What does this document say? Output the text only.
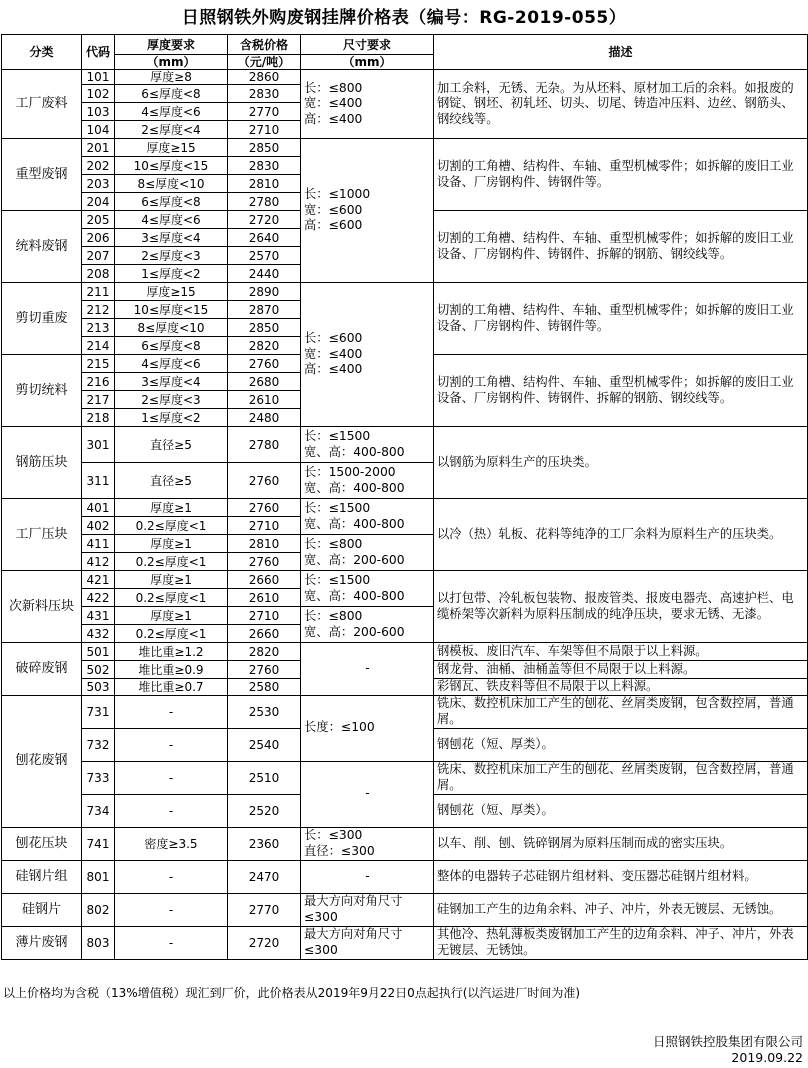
日照钢铁外购废钢挂牌价格表（编号：RG-2019-055）
分类	代码	厚度要求	含税价格	尺寸要求	描述
		（mm）	（元/吨）	（mm）	
工厂废料	101	厚度≥8	2860	长：≤800
宽：≤400
高：≤400	加工余料，无锈、无杂。为从坯料、原材加工后的余料。如报废的钢锭、钢坯、初轧坯、切头、切尾、铸造冲压料、边丝、钢筋头、钢绞线等。
	102	6≤厚度<8	2830		
	103	4≤厚度<6	2770		
	104	2≤厚度<4	2710		
重型废钢	201	厚度≥15	2850	长：≤1000
宽：≤600
高：≤600	切割的工角槽、结构件、车轴、重型机械零件；如拆解的废旧工业设备、厂房钢构件、铸钢件等。
	202	10≤厚度<15	2830		
	203	8≤厚度<10	2810		
	204	6≤厚度<8	2780		
统料废钢	205	4≤厚度<6	2720		切割的工角槽、结构件、车轴、重型机械零件；如拆解的废旧工业设备、厂房钢构件、铸钢件、拆解的钢筋、钢绞线等。
	206	3≤厚度<4	2640		
	207	2≤厚度<3	2570		
	208	1≤厚度<2	2440		
剪切重废	211	厚度≥15	2890	长：≤600
宽：≤400
高：≤400	切割的工角槽、结构件、车轴、重型机械零件；如拆解的废旧工业设备、厂房钢构件、铸钢件等。
	212	10≤厚度<15	2870		
	213	8≤厚度<10	2850		
	214	6≤厚度<8	2820		
剪切统料	215	4≤厚度<6	2760		切割的工角槽、结构件、车轴、重型机械零件；如拆解的废旧工业设备、厂房钢构件、铸钢件、拆解的钢筋、钢绞线等。
	216	3≤厚度<4	2680		
	217	2≤厚度<3	2610		
	218	1≤厚度<2	2480		
钢筋压块	301	直径≥5	2780	长：≤1500
宽、高：400-800	以钢筋为原料生产的压块类。
	311	直径≥5	2760	长：1500-2000
宽、高：400-800	

工厂压块	401	厚度≥1	2760	长：≤1500
宽、高：400-800	以冷（热）轧板、花料等纯净的工厂余料为原料生产的压块类。
	402	0.2≤厚度<1	2710		
	411	厚度≥1	2810	长：≤800
宽、高：200-600	

	412	0.2≤厚度<1	2760		
次新料压块	421	厚度≥1	2660	长：≤1500
宽、高：400-800	以打包带、冷轧板包装物、报废管类、报废电器壳、高速护栏、电缆桥架等次新料为原料压制成的纯净压块，要求无锈、无漆。
	422	0.2≤厚度<1	2610		
	431	厚度≥1	2710	长：≤800
宽、高：200-600	

	432	0.2≤厚度<1	2660		
破碎废钢	501	堆比重≥1.2	2820	-	钢模板、废旧汽车、车架等但不局限于以上料源。
	502	堆比重≥0.9	2760		钢龙骨、油桶、油桶盖等但不局限于以上料源。
	503	堆比重≥0.7	2580		彩钢瓦、铁皮料等但不局限于以上料源。
刨花废钢	731	-	2530	长度：≤100	铣床、数控机床加工产生的刨花、丝屑类废钢，包含数控屑，普通屑。
	732	-	2540		钢刨花（短、厚类）。
	733	-	2510	-	铣床、数控机床加工产生的刨花、丝屑类废钢，包含数控屑，普通屑。
	734	-	2520		钢刨花（短、厚类）。
刨花压块	741	密度≥3.5	2360	长：≤300
直径：≤300	以车、削、刨、铣碎钢屑为原料压制而成的密实压块。
硅钢片组	801	-	2470	-	整体的电器转子芯硅钢片组材料、变压器芯硅钢片组材料。
硅钢片	802	-	2770	最大方向对角尺寸≤300	硅钢加工产生的边角余料、冲子、冲片，外表无镀层、无锈蚀。
薄片废钢	803	-	2720	最大方向对角尺寸≤300	其他冷、热轧薄板类废钢加工产生的边角余料、冲子、冲片，外表无镀层、无锈蚀。
以上价格均为含税（13%增值税）现汇到厂价，此价格表从2019年9月22日0点起执行(以汽运进厂时间为准)
日照钢铁控股集团有限公司
2019.09.22
